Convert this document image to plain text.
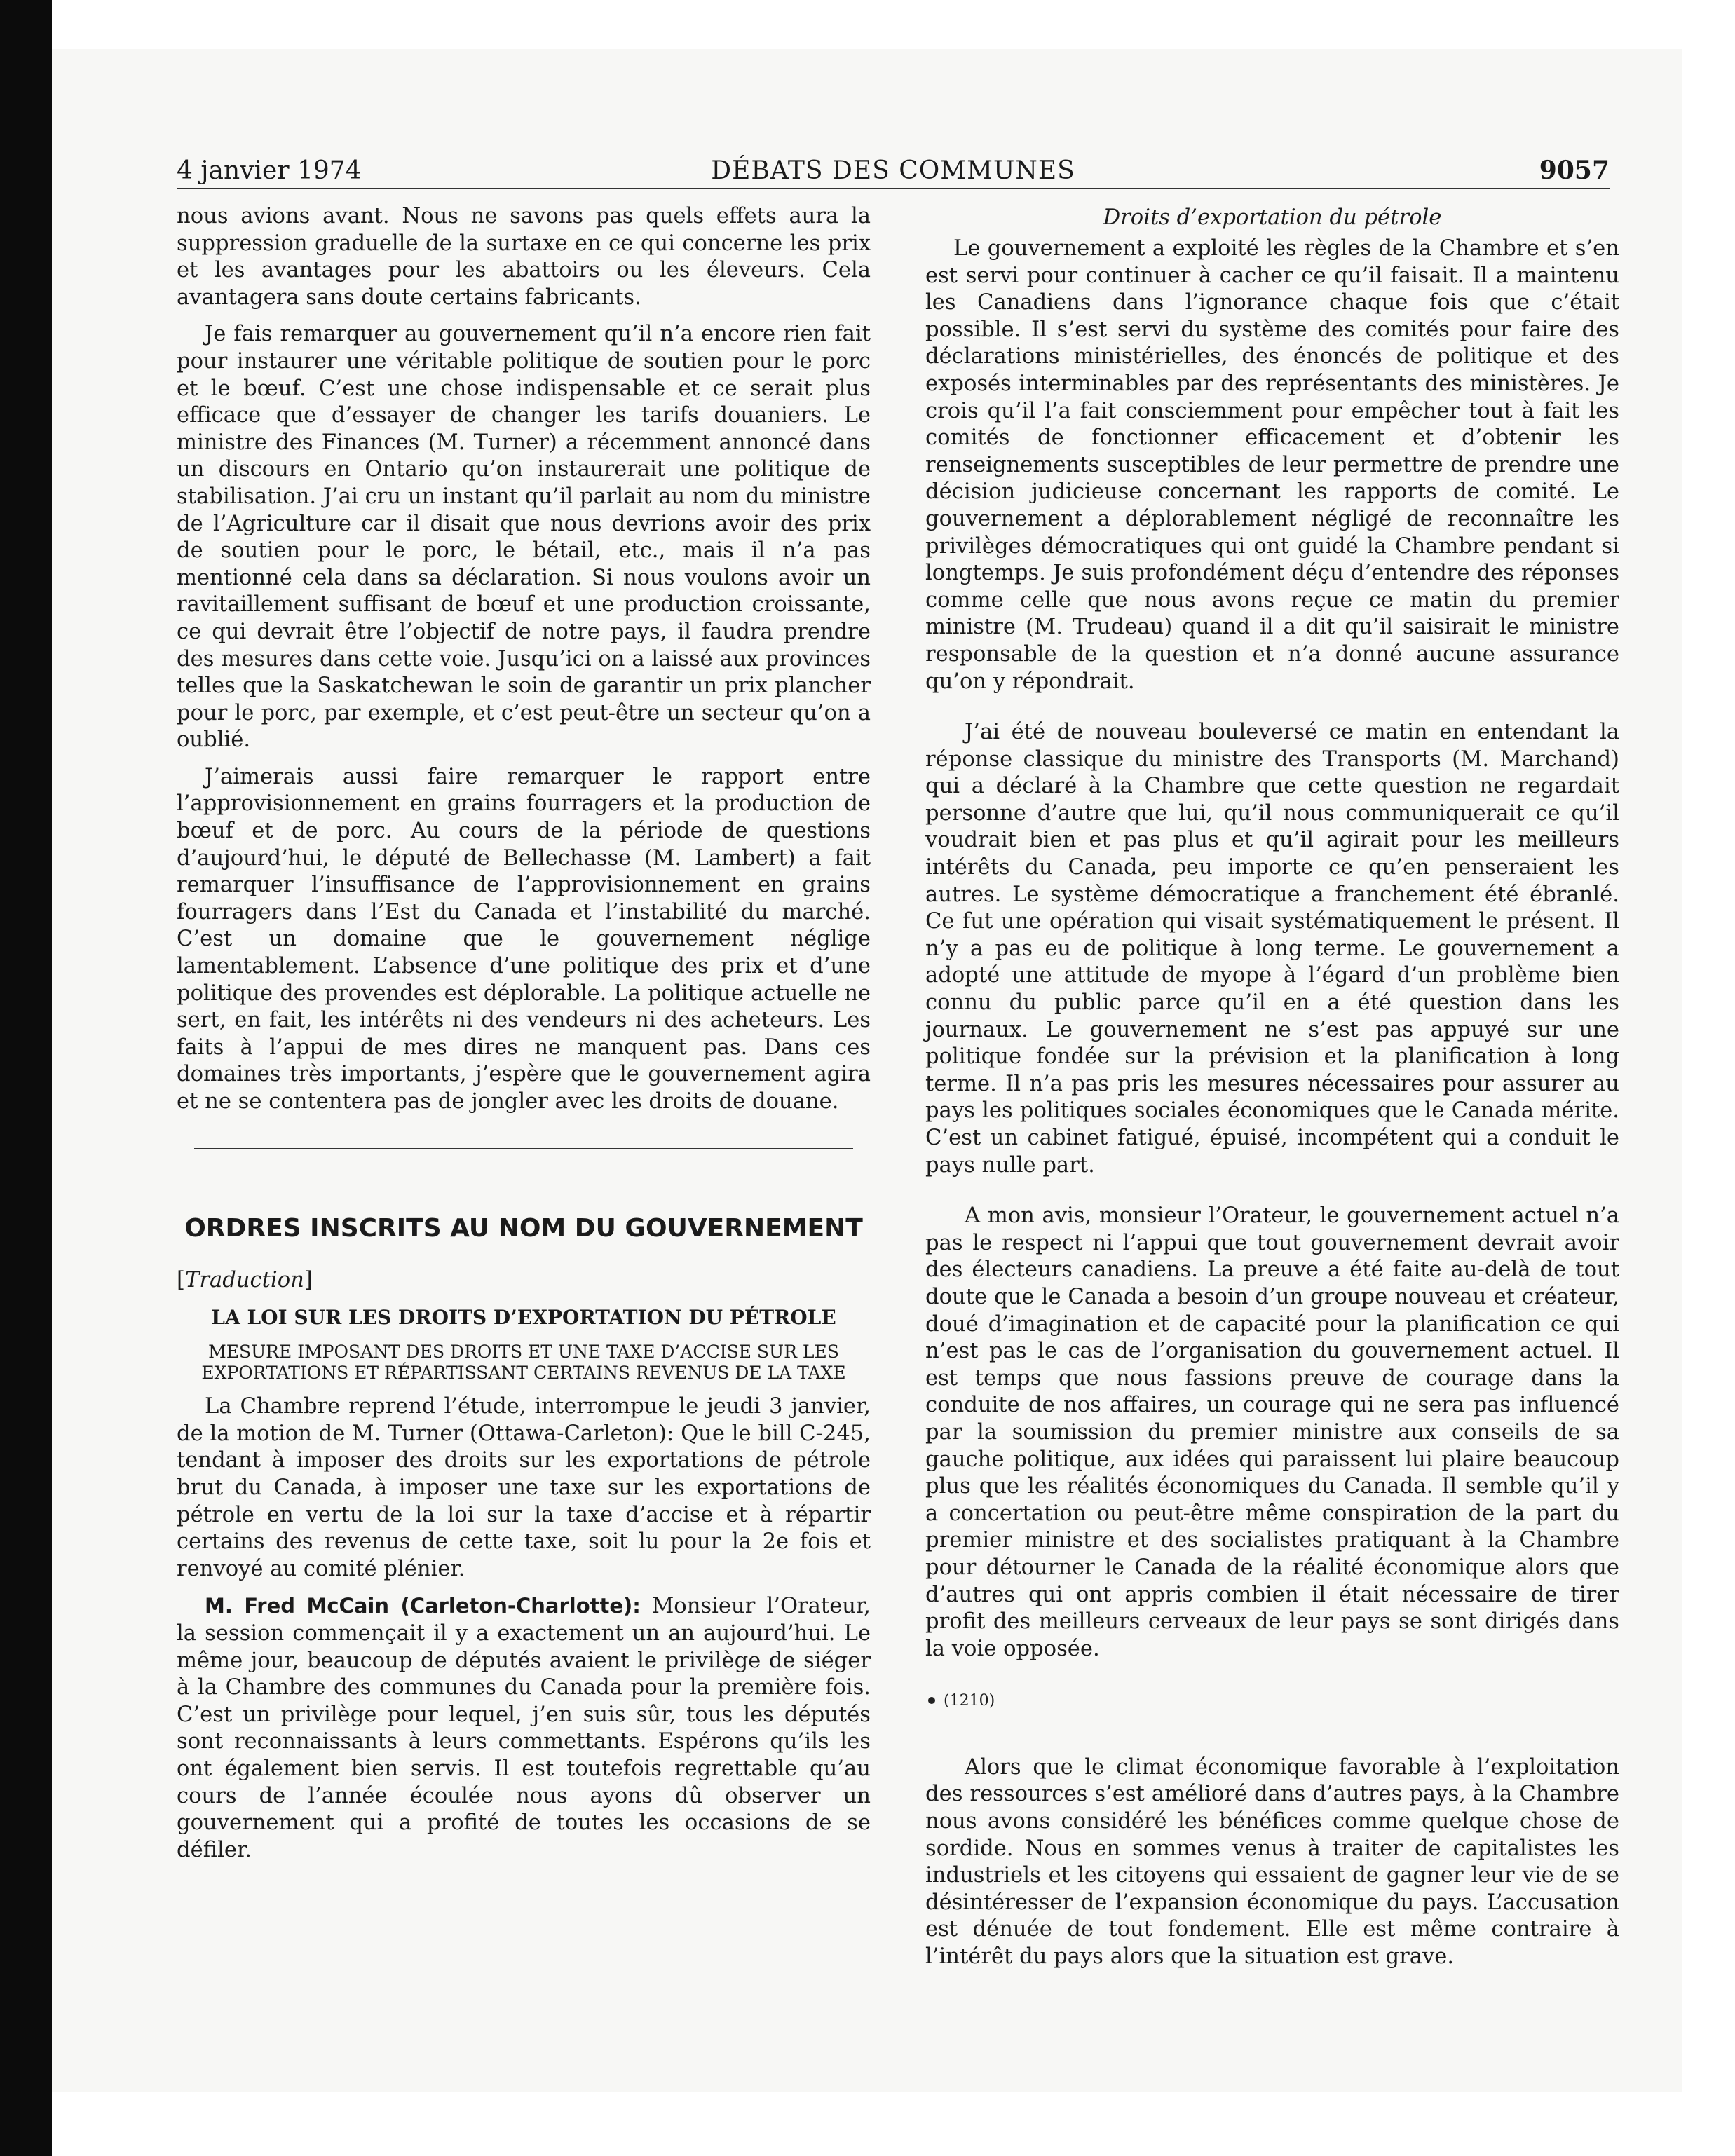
4 janvier 1974	DÉBATS DES COMMUNES	9057

nous avions avant. Nous ne savons pas quels effets aura la suppression graduelle de la surtaxe en ce qui concerne les prix et les avantages pour les abattoirs ou les éleveurs. Cela avantagera sans doute certains fabricants.

Je fais remarquer au gouvernement qu’il n’a encore rien fait pour instaurer une véritable politique de soutien pour le porc et le bœuf. C’est une chose indispensable et ce serait plus efficace que d’essayer de changer les tarifs douaniers. Le ministre des Finances (M. Turner) a récemment annoncé dans un discours en Ontario qu’on instaurerait une politique de stabilisation. J’ai cru un instant qu’il parlait au nom du ministre de l’Agriculture car il disait que nous devrions avoir des prix de soutien pour le porc, le bétail, etc., mais il n’a pas mentionné cela dans sa déclaration. Si nous voulons avoir un ravitaillement suffisant de bœuf et une production croissante, ce qui devrait être l’objectif de notre pays, il faudra prendre des mesures dans cette voie. Jusqu’ici on a laissé aux provinces telles que la Saskatchewan le soin de garantir un prix plancher pour le porc, par exemple, et c’est peut-être un secteur qu’on a oublié.

J’aimerais aussi faire remarquer le rapport entre l’approvisionnement en grains fourragers et la production de bœuf et de porc. Au cours de la période de questions d’aujourd’hui, le député de Bellechasse (M. Lambert) a fait remarquer l’insuffisance de l’approvisionnement en grains fourragers dans l’Est du Canada et l’instabilité du marché. C’est un domaine que le gouvernement néglige lamentablement. L’absence d’une politique des prix et d’une politique des provendes est déplorable. La politique actuelle ne sert, en fait, les intérêts ni des vendeurs ni des acheteurs. Les faits à l’appui de mes dires ne manquent pas. Dans ces domaines très importants, j’espère que le gouvernement agira et ne se contentera pas de jongler avec les droits de douane.

ORDRES INSCRITS AU NOM DU GOUVERNEMENT

[Traduction]

LA LOI SUR LES DROITS D’EXPORTATION DU PÉTROLE
MESURE IMPOSANT DES DROITS ET UNE TAXE D’ACCISE SUR LES EXPORTATIONS ET RÉPARTISSANT CERTAINS REVENUS DE LA TAXE

La Chambre reprend l’étude, interrompue le jeudi 3 janvier, de la motion de M. Turner (Ottawa-Carleton): Que le bill C-245, tendant à imposer des droits sur les exportations de pétrole brut du Canada, à imposer une taxe sur les exportations de pétrole en vertu de la loi sur la taxe d’accise et à répartir certains des revenus de cette taxe, soit lu pour la 2e fois et renvoyé au comité plénier.

M. Fred McCain (Carleton-Charlotte): Monsieur l’Orateur, la session commençait il y a exactement un an aujourd’hui. Le même jour, beaucoup de députés avaient le privilège de siéger à la Chambre des communes du Canada pour la première fois. C’est un privilège pour lequel, j’en suis sûr, tous les députés sont reconnaissants à leurs commettants. Espérons qu’ils les ont également bien servis. Il est toutefois regrettable qu’au cours de l’année écoulée nous ayons dû observer un gouvernement qui a profité de toutes les occasions de se défiler.

Droits d’exportation du pétrole

Le gouvernement a exploité les règles de la Chambre et s’en est servi pour continuer à cacher ce qu’il faisait. Il a maintenu les Canadiens dans l’ignorance chaque fois que c’était possible. Il s’est servi du système des comités pour faire des déclarations ministérielles, des énoncés de politique et des exposés interminables par des représentants des ministères. Je crois qu’il l’a fait consciemment pour empêcher tout à fait les comités de fonctionner efficacement et d’obtenir les renseignements susceptibles de leur permettre de prendre une décision judicieuse concernant les rapports de comité. Le gouvernement a déplorablement négligé de reconnaître les privilèges démocratiques qui ont guidé la Chambre pendant si longtemps. Je suis profondément déçu d’entendre des réponses comme celle que nous avons reçue ce matin du premier ministre (M. Trudeau) quand il a dit qu’il saisirait le ministre responsable de la question et n’a donné aucune assurance qu’on y répondrait.

J’ai été de nouveau bouleversé ce matin en entendant la réponse classique du ministre des Transports (M. Marchand) qui a déclaré à la Chambre que cette question ne regardait personne d’autre que lui, qu’il nous communiquerait ce qu’il voudrait bien et pas plus et qu’il agirait pour les meilleurs intérêts du Canada, peu importe ce qu’en penseraient les autres. Le système démocratique a franchement été ébranlé. Ce fut une opération qui visait systématiquement le présent. Il n’y a pas eu de politique à long terme. Le gouvernement a adopté une attitude de myope à l’égard d’un problème bien connu du public parce qu’il en a été question dans les journaux. Le gouvernement ne s’est pas appuyé sur une politique fondée sur la prévision et la planification à long terme. Il n’a pas pris les mesures nécessaires pour assurer au pays les politiques sociales économiques que le Canada mérite. C’est un cabinet fatigué, épuisé, incompétent qui a conduit le pays nulle part.

A mon avis, monsieur l’Orateur, le gouvernement actuel n’a pas le respect ni l’appui que tout gouvernement devrait avoir des électeurs canadiens. La preuve a été faite au-delà de tout doute que le Canada a besoin d’un groupe nouveau et créateur, doué d’imagination et de capacité pour la planification ce qui n’est pas le cas de l’organisation du gouvernement actuel. Il est temps que nous fassions preuve de courage dans la conduite de nos affaires, un courage qui ne sera pas influencé par la soumission du premier ministre aux conseils de sa gauche politique, aux idées qui paraissent lui plaire beaucoup plus que les réalités économiques du Canada. Il semble qu’il y a concertation ou peut-être même conspiration de la part du premier ministre et des socialistes pratiquant à la Chambre pour détourner le Canada de la réalité économique alors que d’autres qui ont appris combien il était nécessaire de tirer profit des meilleurs cerveaux de leur pays se sont dirigés dans la voie opposée.

(1210)

Alors que le climat économique favorable à l’exploitation des ressources s’est amélioré dans d’autres pays, à la Chambre nous avons considéré les bénéfices comme quelque chose de sordide. Nous en sommes venus à traiter de capitalistes les industriels et les citoyens qui essaient de gagner leur vie de se désintéresser de l’expansion économique du pays. L’accusation est dénuée de tout fondement. Elle est même contraire à l’intérêt du pays alors que la situation est grave.
